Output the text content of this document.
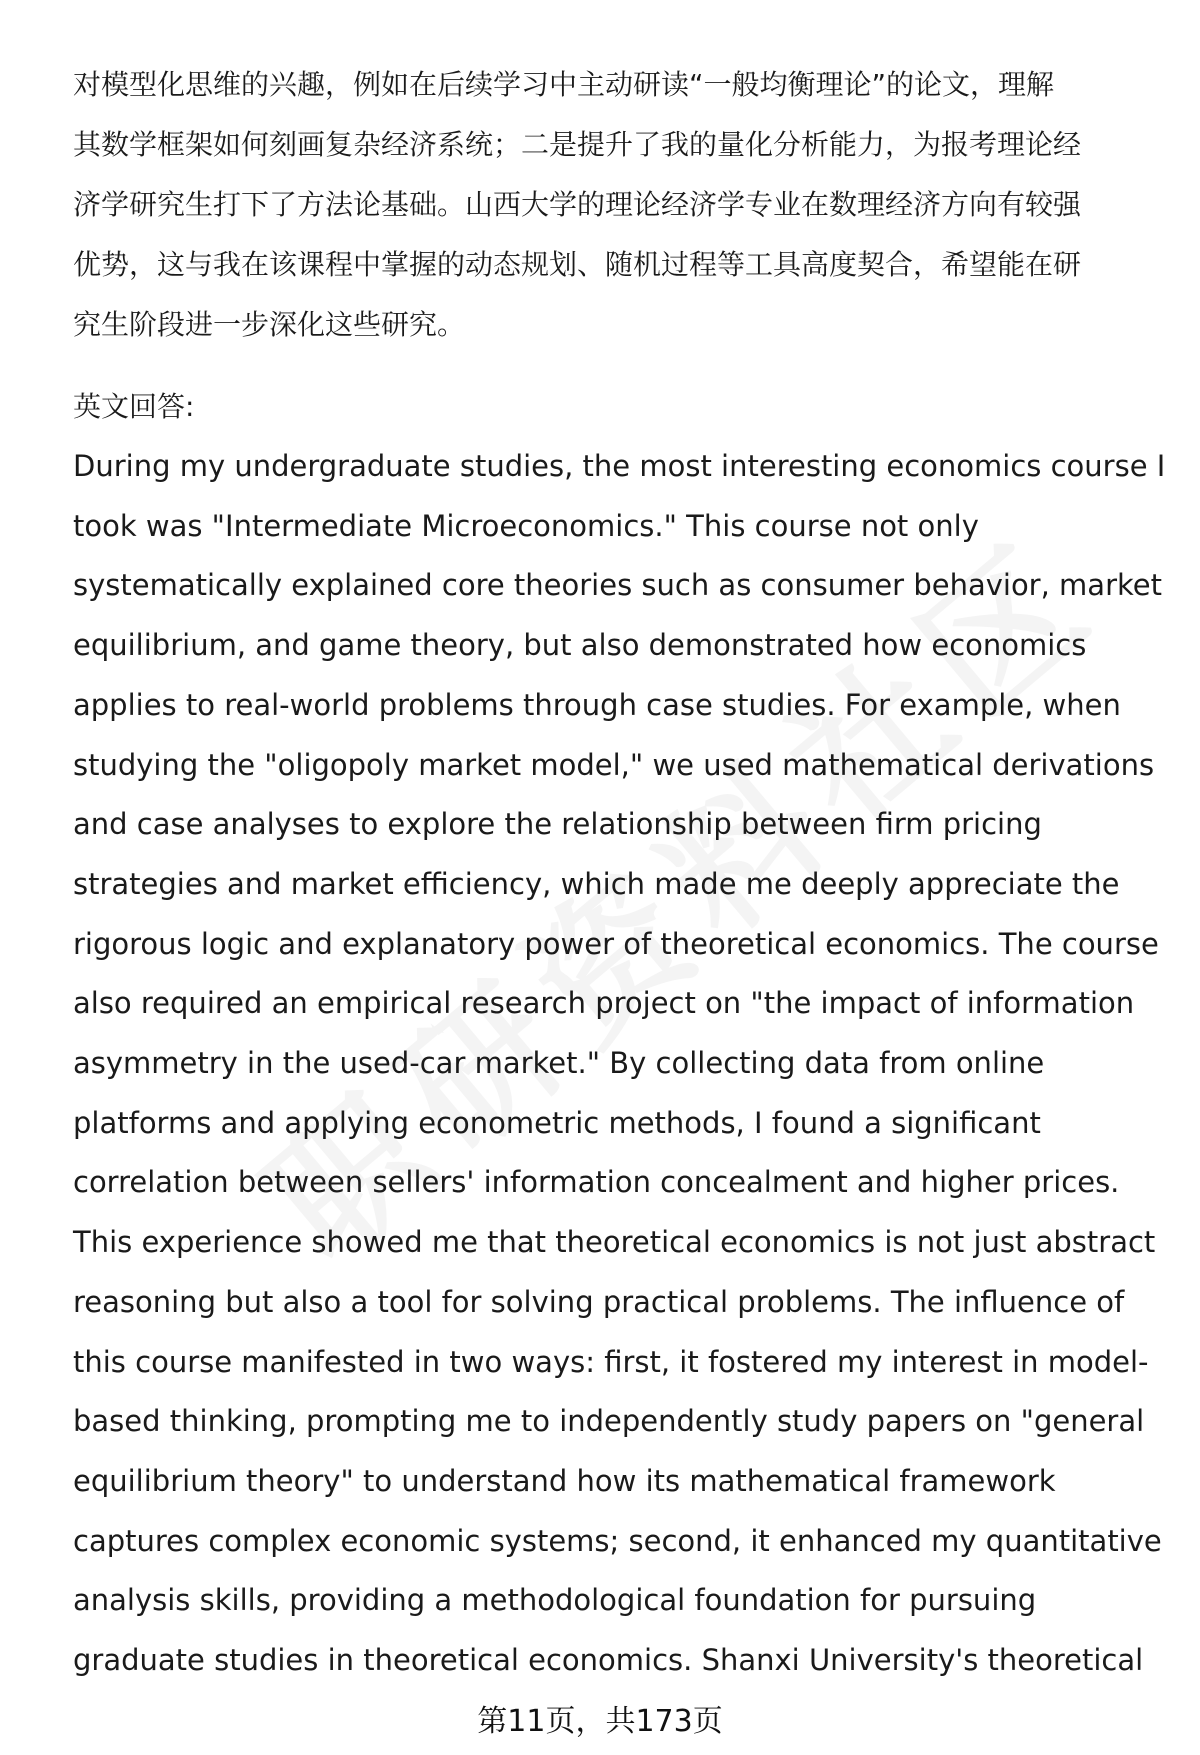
对模型化思维的兴趣，例如在后续学习中主动研读“一般均衡理论”的论文，理解
其数学框架如何刻画复杂经济系统；二是提升了我的量化分析能力，为报考理论经
济学研究生打下了方法论基础。山西大学的理论经济学专业在数理经济方向有较强
优势，这与我在该课程中掌握的动态规划、随机过程等工具高度契合，希望能在研
究生阶段进一步深化这些研究。

英文回答:

During my undergraduate studies, the most interesting economics course I
took was "Intermediate Microeconomics." This course not only
systematically explained core theories such as consumer behavior, market
equilibrium, and game theory, but also demonstrated how economics
applies to real-world problems through case studies. For example, when
studying the "oligopoly market model," we used mathematical derivations
and case analyses to explore the relationship between firm pricing
strategies and market efficiency, which made me deeply appreciate the
rigorous logic and explanatory power of theoretical economics. The course
also required an empirical research project on "the impact of information
asymmetry in the used-car market." By collecting data from online
platforms and applying econometric methods, I found a significant
correlation between sellers' information concealment and higher prices.
This experience showed me that theoretical economics is not just abstract
reasoning but also a tool for solving practical problems. The influence of
this course manifested in two ways: first, it fostered my interest in model-
based thinking, prompting me to independently study papers on "general
equilibrium theory" to understand how its mathematical framework
captures complex economic systems; second, it enhanced my quantitative
analysis skills, providing a methodological foundation for pursuing
graduate studies in theoretical economics. Shanxi University's theoretical

第11页，共173页
